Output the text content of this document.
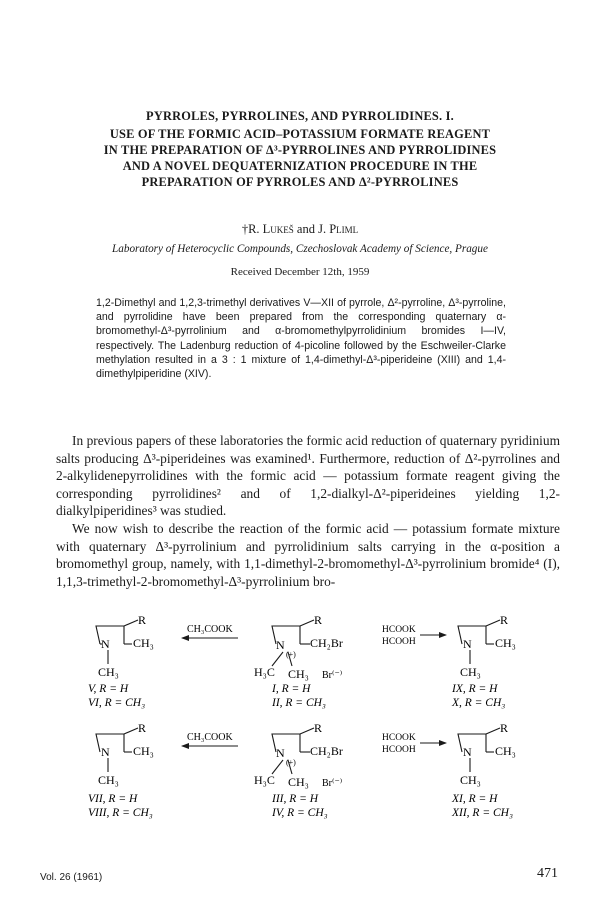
PYRROLES, PYRROLINES, AND PYRROLIDINES. I.
USE OF THE FORMIC ACID–POTASSIUM FORMATE REAGENT
IN THE PREPARATION OF Δ³-PYRROLINES AND PYRROLIDINES
AND A NOVEL DEQUATERNIZATION PROCEDURE IN THE
PREPARATION OF PYRROLES AND Δ²-PYRROLINES
†R. Lukeš and J. Pliml
Laboratory of Heterocyclic Compounds, Czechoslovak Academy of Science, Prague
Received December 12th, 1959
1,2-Dimethyl and 1,2,3-trimethyl derivatives V—XII of pyrrole, Δ²-pyrroline, Δ³-pyrroline, and pyrrolidine have been prepared from the corresponding quaternary α-bromomethyl-Δ³-pyrrolinium and α-bromomethylpyrrolidinium bromides I—IV, respectively. The Ladenburg reduction of 4-picoline followed by the Eschweiler-Clarke methylation resulted in a 3 : 1 mixture of 1,4-dimethyl-Δ³-piperideine (XIII) and 1,4-dimethylpiperidine (XIV).

In previous papers of these laboratories the formic acid reduction of quaternary pyridinium salts producing Δ³-piperideines was examined¹. Furthermore, reduction of Δ²-pyrrolines and 2-alkylidenepyrrolidines with the formic acid — potassium formate reagent giving the corresponding pyrrolidines² and of 1,2-dialkyl-Δ²-piperideines yielding 1,2-dialkylpiperidines³ was studied.

We now wish to describe the reaction of the formic acid — potassium formate mixture with quaternary Δ³-pyrrolinium and pyrrolidinium salts carrying in the α-position a bromomethyl group, namely, with 1,1-dimethyl-2-bromomethyl-Δ³-pyrrolinium bromide⁴ (I), 1,1,3-trimethyl-2-bromomethyl-Δ³-pyrrolinium bro-

R
N CH₃
CH₃
V, R = H
VI, R = CH₃
CH₃COOK
R
N
(+)
CH₂Br
H₃C CH₃ Br⁽⁻⁾
I, R = H
II, R = CH₃
HCOOK
HCOOH
R
N CH₃
CH₃
IX, R = H
X, R = CH₃
R
N CH₃
CH₃
VII, R = H
VIII, R = CH₃
CH₃COOK
R
N
(+)
CH₂Br
H₃C CH₃ Br⁽⁻⁾
III, R = H
IV, R = CH₃
HCOOK
HCOOH
R
N CH₃
CH₃
XI, R = H
XII, R = CH₃
Vol. 26 (1961)	471
